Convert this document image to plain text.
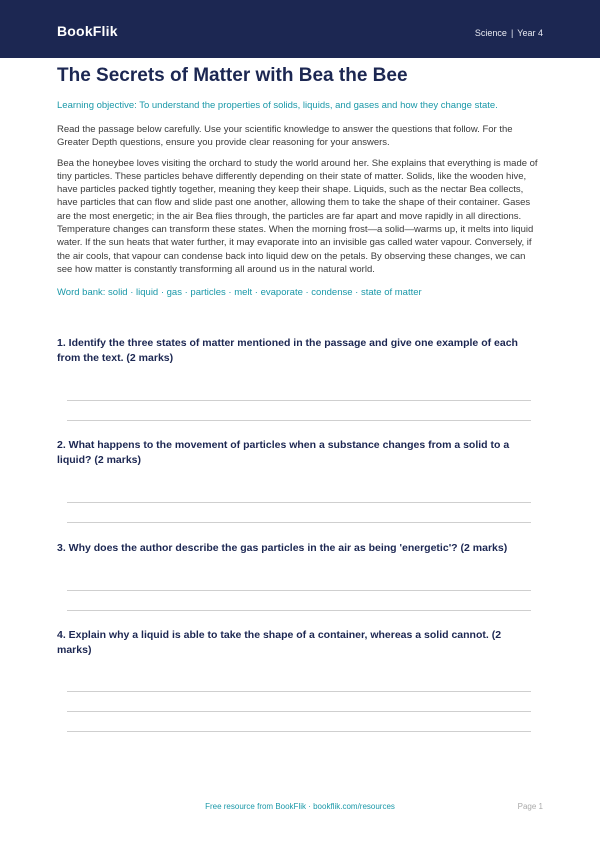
BookFlik	Science | Year 4
The Secrets of Matter with Bea the Bee
Learning objective: To understand the properties of solids, liquids, and gases and how they change state.
Read the passage below carefully. Use your scientific knowledge to answer the questions that follow. For the Greater Depth questions, ensure you provide clear reasoning for your answers.
Bea the honeybee loves visiting the orchard to study the world around her. She explains that everything is made of tiny particles. These particles behave differently depending on their state of matter. Solids, like the wooden hive, have particles packed tightly together, meaning they keep their shape. Liquids, such as the nectar Bea collects, have particles that can flow and slide past one another, allowing them to take the shape of their container. Gases are the most energetic; in the air Bea flies through, the particles are far apart and move rapidly in all directions. Temperature changes can transform these states. When the morning frost—a solid—warms up, it melts into liquid water. If the sun heats that water further, it may evaporate into an invisible gas called water vapour. Conversely, if the air cools, that vapour can condense back into liquid dew on the petals. By observing these changes, we can see how matter is constantly transforming all around us in the natural world.
Word bank: solid · liquid · gas · particles · melt · evaporate · condense · state of matter
1. Identify the three states of matter mentioned in the passage and give one example of each from the text. (2 marks)
2. What happens to the movement of particles when a substance changes from a solid to a liquid? (2 marks)
3. Why does the author describe the gas particles in the air as being 'energetic'? (2 marks)
4. Explain why a liquid is able to take the shape of a container, whereas a solid cannot. (2 marks)
Free resource from BookFlik · bookflik.com/resources	Page 1
